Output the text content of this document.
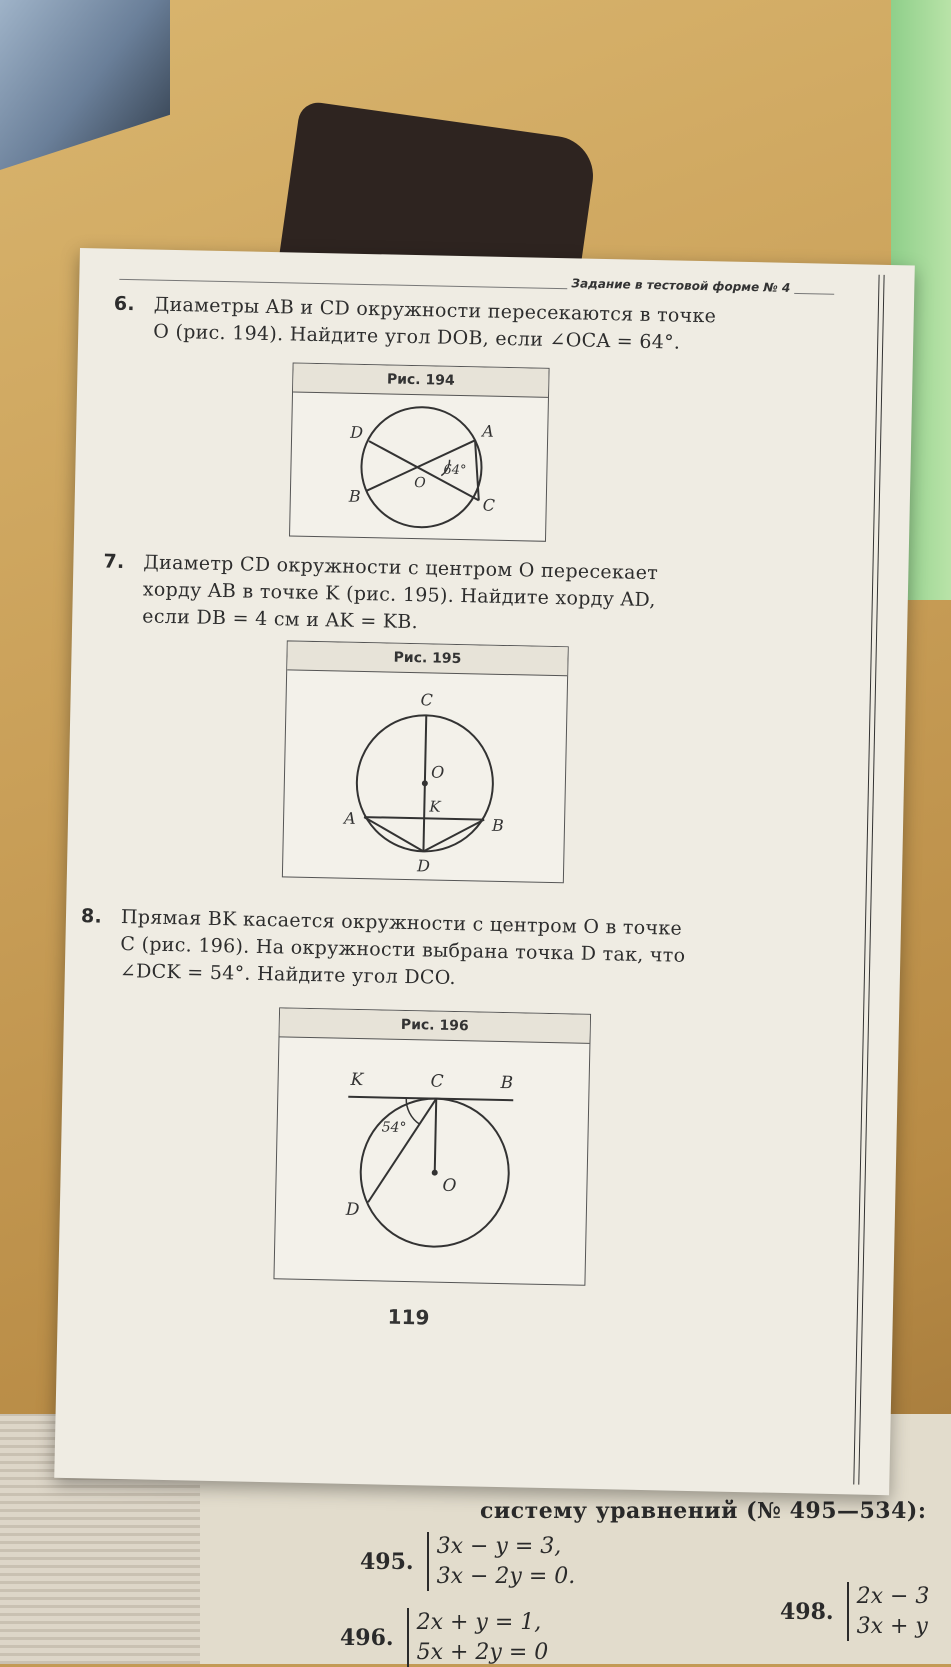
систему уравнений (№ 495—534):
495. 3x − y = 3,
3x − 2y = 0.
496. 2x + y = 1,
5x + 2y = 0
498. 2x − 3
3x + y
Задание в тестовой форме № 4
6. Диаметры AB и CD окружности пересекаются в точке
O (рис. 194). Найдите угол DOB, если ∠OCA = 64°.
Рис. 194
D	A
B	C
O
64°
7. Диаметр CD окружности с центром O пересекает
хорду AB в точке K (рис. 195). Найдите хорду AD,
если DB = 4 см и AK = KB.
Рис. 195
C
O
K
A	B
D
8. Прямая BK касается окружности с центром O в точке
C (рис. 196). На окружности выбрана точка D так, что
∠DCK = 54°. Найдите угол DCO.
Рис. 196
K	C	B
O
D
54°
119
